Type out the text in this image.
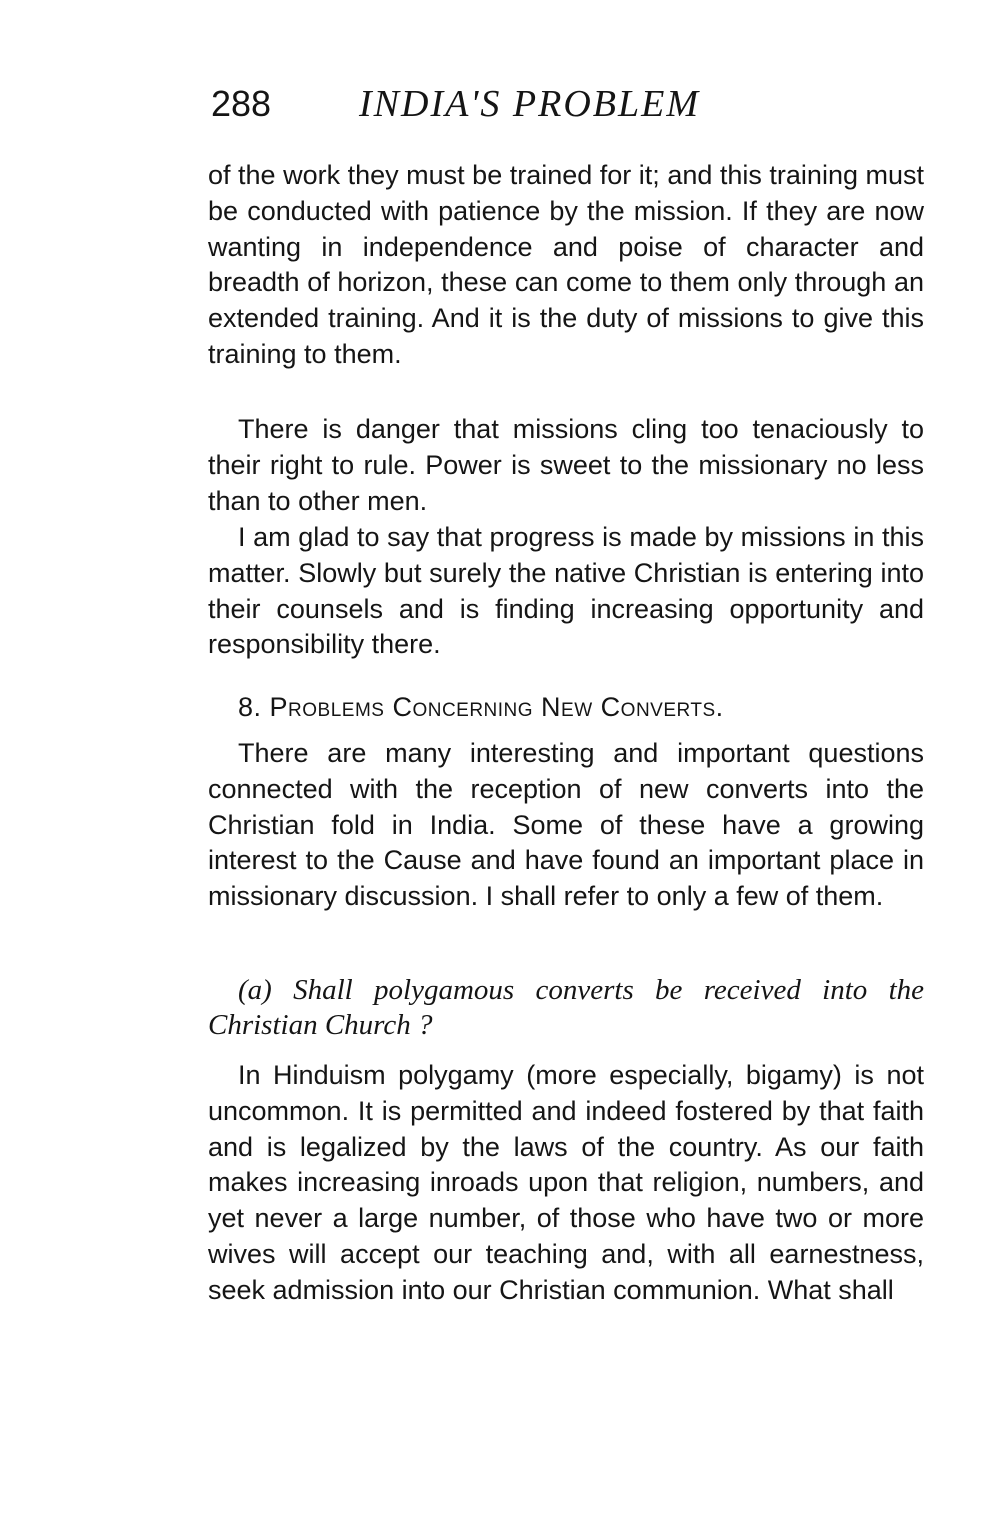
288 INDIA'S PROBLEM
of the work they must be trained for it; and this training must be conducted with patience by the mission. If they are now wanting in independence and poise of character and breadth of horizon, these can come to them only through an extended training. And it is the duty of missions to give this training to them.
There is danger that missions cling too tenaciously to their right to rule. Power is sweet to the missionary no less than to other men.
I am glad to say that progress is made by missions in this matter. Slowly but surely the native Christian is entering into their counsels and is finding increasing opportunity and responsibility there.
8. Problems Concerning New Converts.
There are many interesting and important questions connected with the reception of new converts into the Christian fold in India. Some of these have a growing interest to the Cause and have found an important place in missionary discussion. I shall refer to only a few of them.
(a) Shall polygamous converts be received into the Christian Church ?
In Hinduism polygamy (more especially, bigamy) is not uncommon. It is permitted and indeed fostered by that faith and is legalized by the laws of the country. As our faith makes increasing inroads upon that religion, numbers, and yet never a large number, of those who have two or more wives will accept our teaching and, with all earnestness, seek admission into our Christian communion. What shall
